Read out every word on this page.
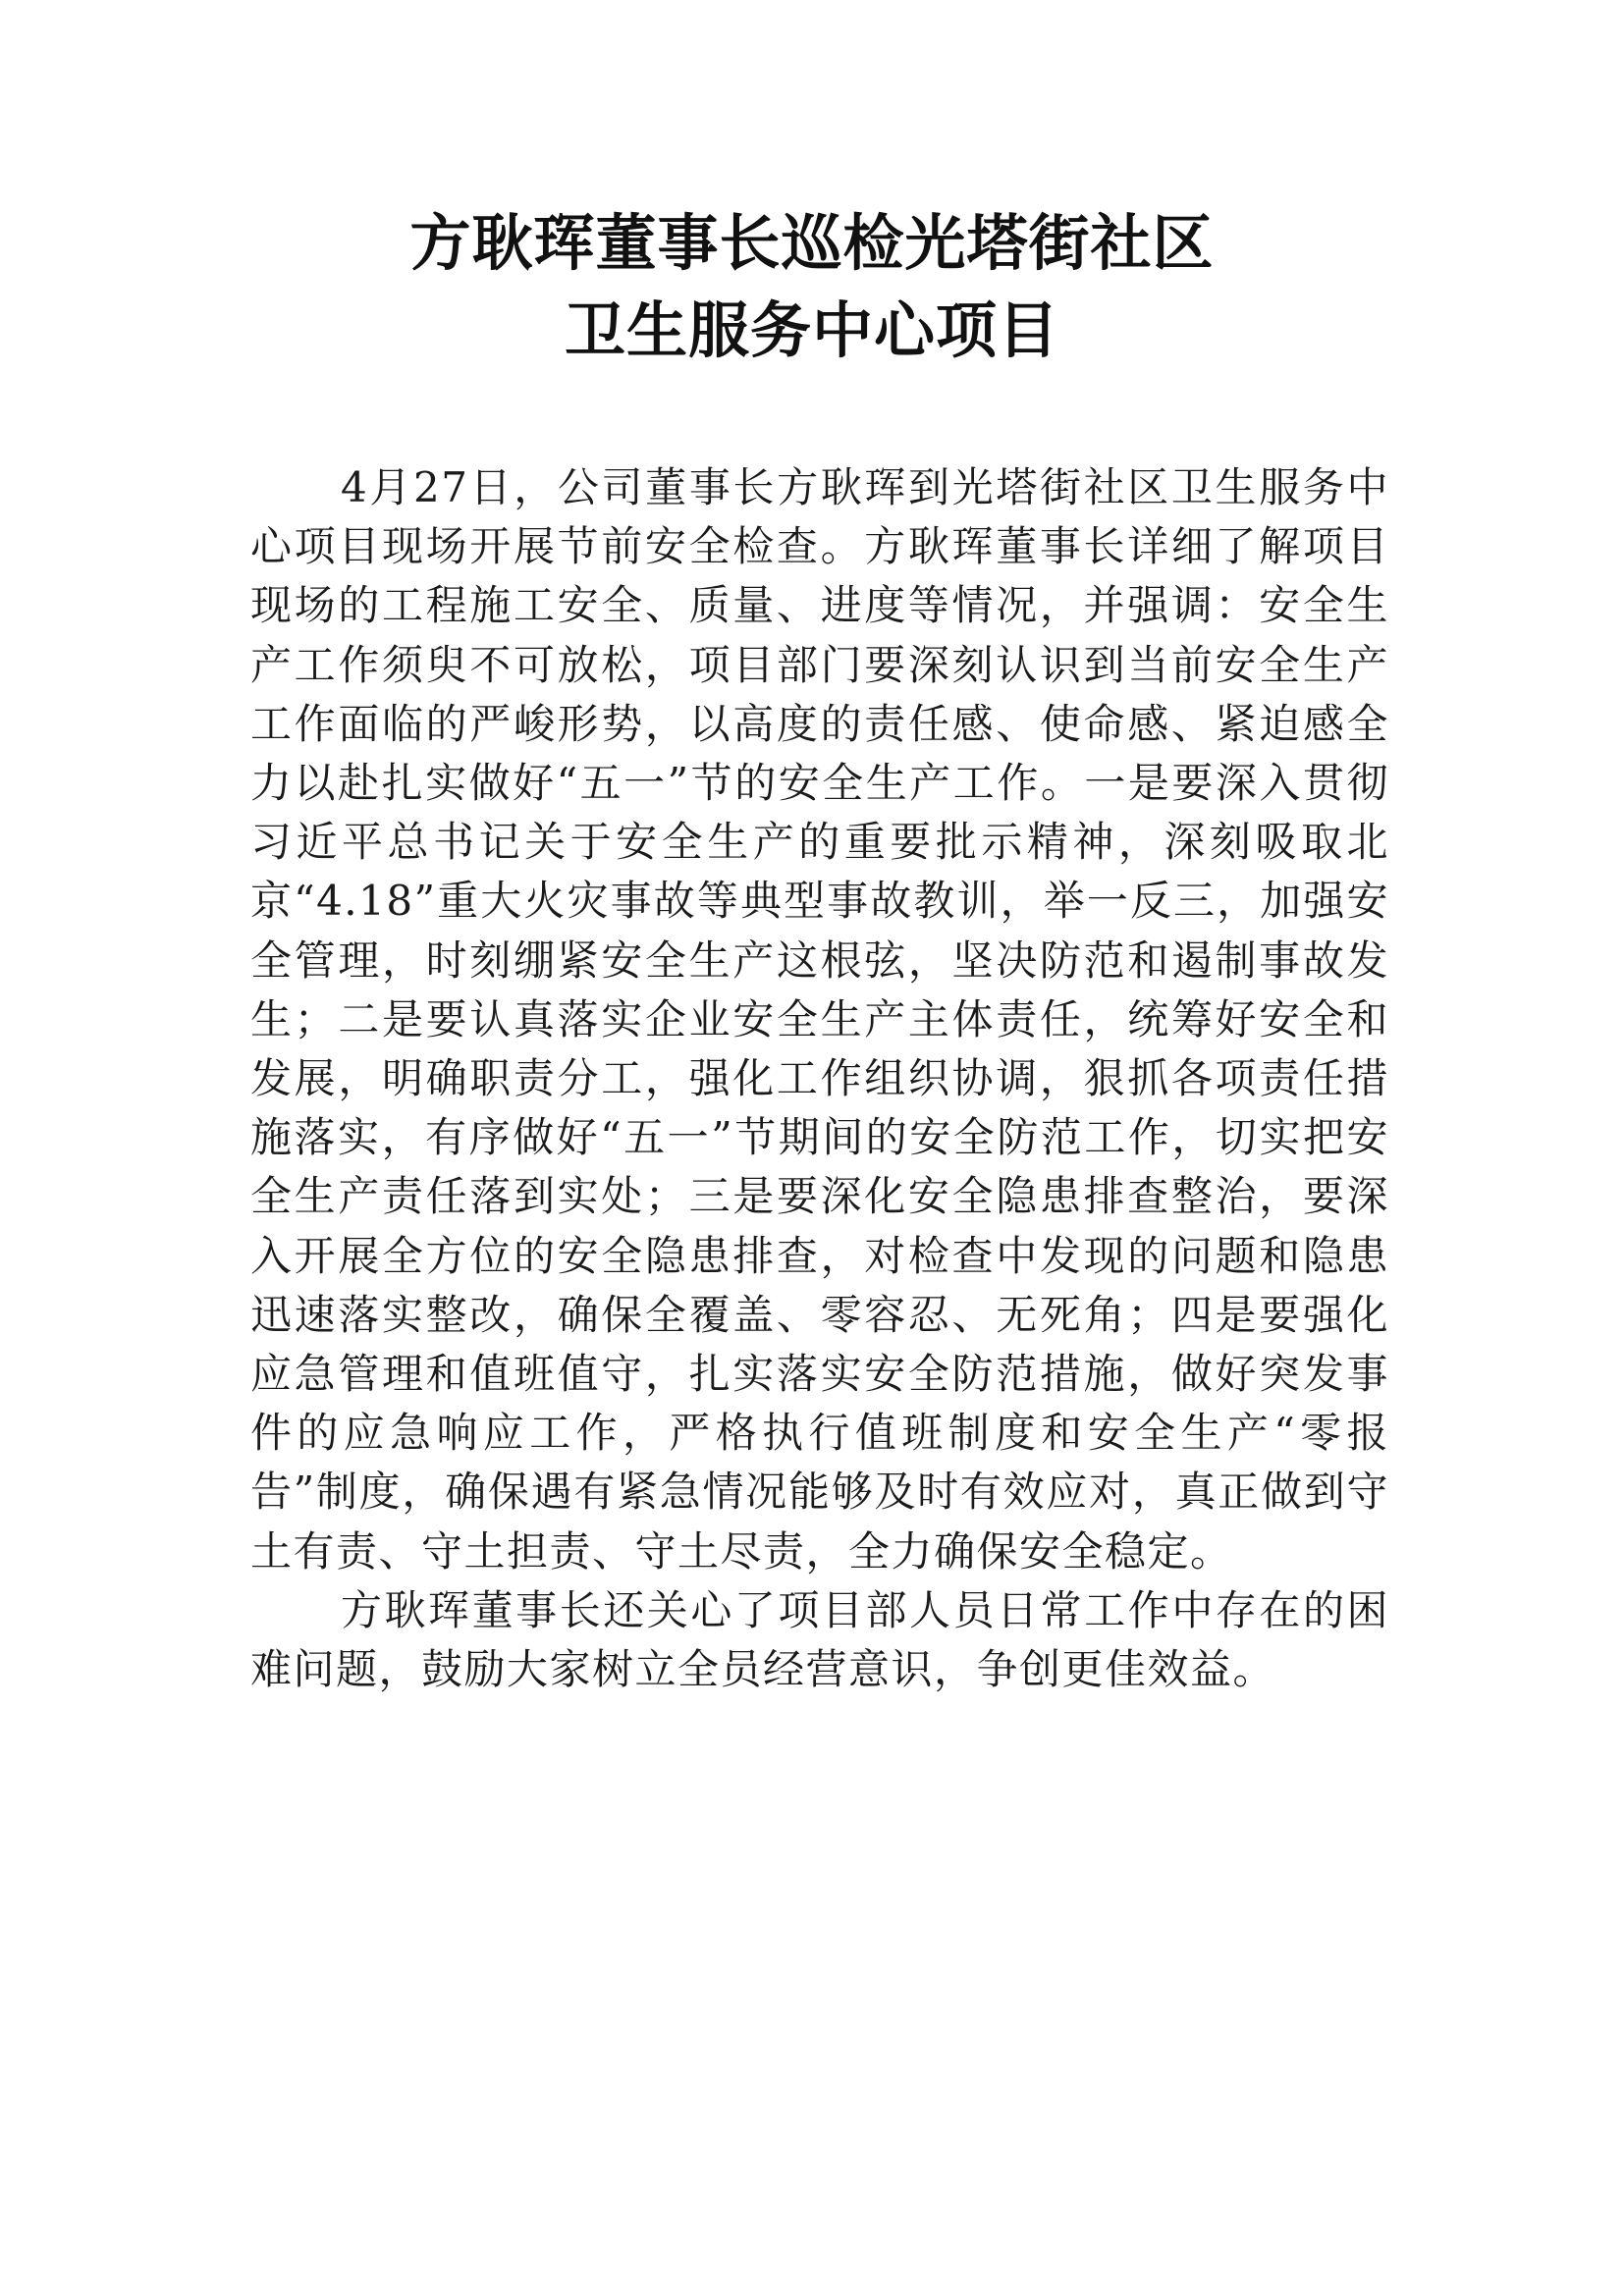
方耿珲董事长巡检光塔街社区
卫生服务中心项目

4月27日，公司董事长方耿珲到光塔街社区卫生服务中心项目现场开展节前安全检查。方耿珲董事长详细了解项目现场的工程施工安全、质量、进度等情况，并强调：安全生产工作须臾不可放松，项目部门要深刻认识到当前安全生产工作面临的严峻形势，以高度的责任感、使命感、紧迫感全力以赴扎实做好“五一”节的安全生产工作。一是要深入贯彻习近平总书记关于安全生产的重要批示精神，深刻吸取北京“4.18”重大火灾事故等典型事故教训，举一反三，加强安全管理，时刻绷紧安全生产这根弦，坚决防范和遏制事故发生；二是要认真落实企业安全生产主体责任，统筹好安全和发展，明确职责分工，强化工作组织协调，狠抓各项责任措施落实，有序做好“五一”节期间的安全防范工作，切实把安全生产责任落到实处；三是要深化安全隐患排查整治，要深入开展全方位的安全隐患排查，对检查中发现的问题和隐患迅速落实整改，确保全覆盖、零容忍、无死角；四是要强化应急管理和值班值守，扎实落实安全防范措施，做好突发事件的应急响应工作，严格执行值班制度和安全生产“零报告”制度，确保遇有紧急情况能够及时有效应对，真正做到守土有责、守土担责、守土尽责，全力确保安全稳定。

方耿珲董事长还关心了项目部人员日常工作中存在的困难问题，鼓励大家树立全员经营意识，争创更佳效益。
